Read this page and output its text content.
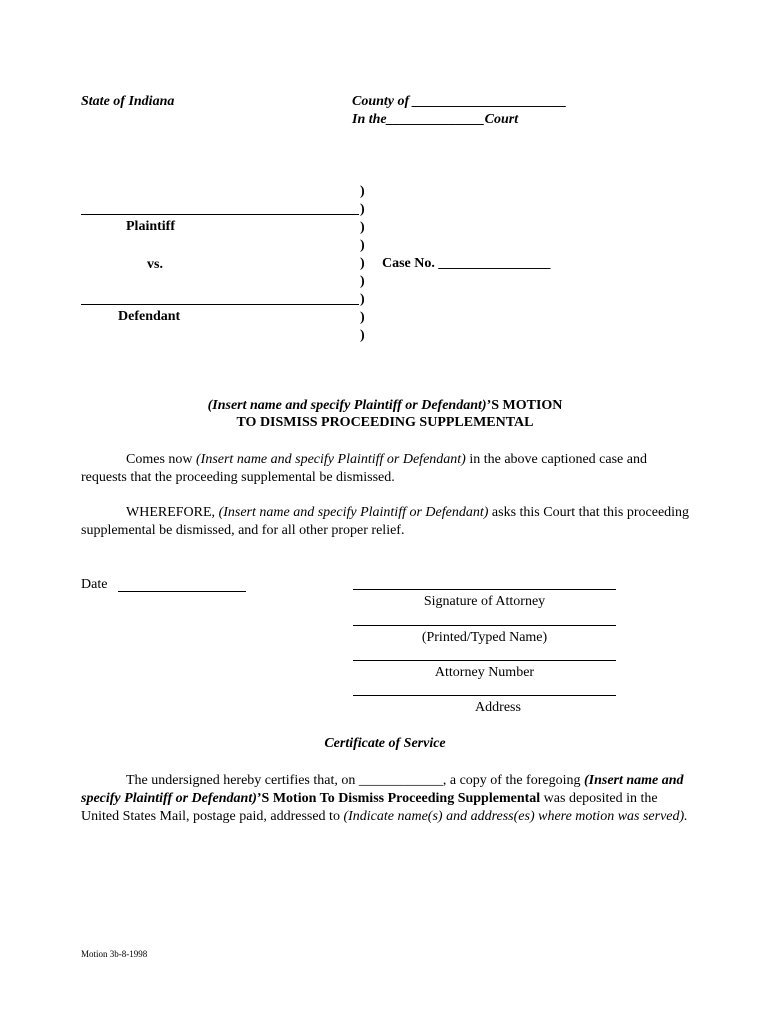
State of Indiana	County of ______________________
In the______________Court
Plaintiff
vs.
Defendant
)
)
)
)
)
)
)
)
)
Case No. ________________
(Insert name and specify Plaintiff or Defendant)’S MOTION
TO DISMISS PROCEEDING SUPPLEMENTAL
Comes now (Insert name and specify Plaintiff or Defendant) in the above captioned case and requests that the proceeding supplemental be dismissed.
WHEREFORE, (Insert name and specify Plaintiff or Defendant) asks this Court that this proceeding supplemental be dismissed, and for all other proper relief.
Date
Signature of Attorney
(Printed/Typed Name)
Attorney Number
Address
Certificate of Service
The undersigned hereby certifies that, on ____________, a copy of the foregoing (Insert name and specify Plaintiff or Defendant)’S Motion To Dismiss Proceeding Supplemental was deposited in the United States Mail, postage paid, addressed to (Indicate name(s) and address(es) where motion was served).
Motion 3b-8-1998
